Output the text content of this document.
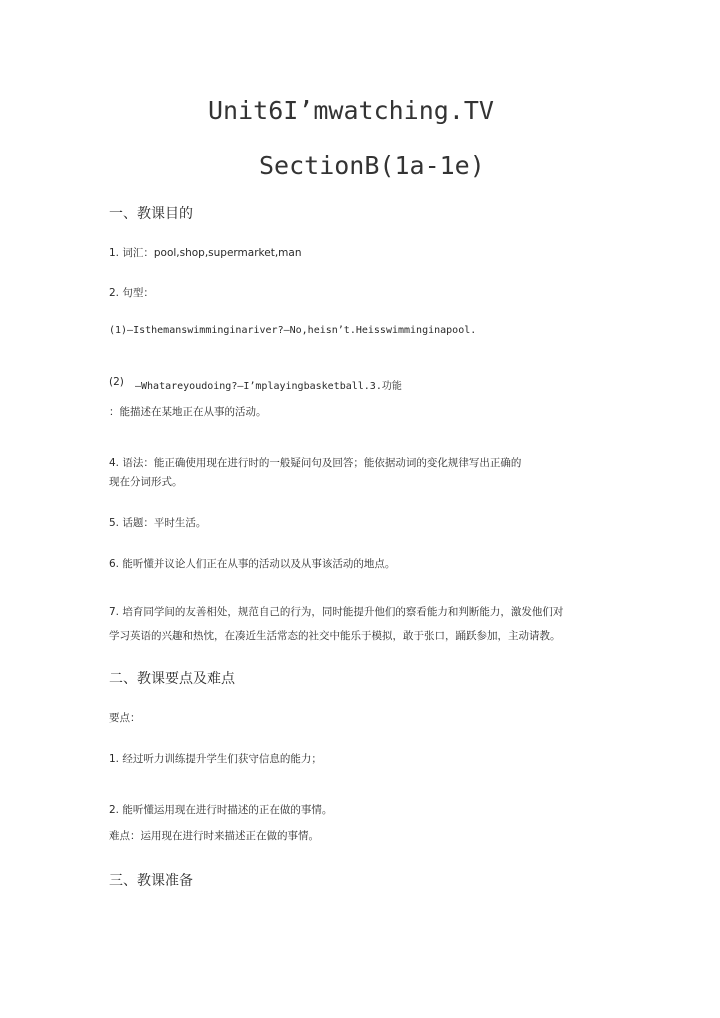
Unit6I’mwatching.TV
SectionB(1a-1e)
一、教课目的
1. 词汇：pool,shop,supermarket,man
2. 句型：
(1)—Isthemanswimminginariver?—No,heisn’t.Heisswimminginapool.
(2) —Whatareyoudoing?—I’mplayingbasketball.3.功能
：能描述在某地正在从事的活动。
4. 语法：能正确使用现在进行时的一般疑问句及回答；能依据动词的变化规律写出正确的
现在分词形式。
5. 话题：平时生活。
6. 能听懂并议论人们正在从事的活动以及从事该活动的地点。
7. 培育同学间的友善相处，规范自己的行为，同时能提升他们的察看能力和判断能力，激发他们对
学习英语的兴趣和热忱，在凑近生活常态的社交中能乐于模拟，敢于张口，踊跃参加，主动请教。
二、教课要点及难点
要点：
1. 经过听力训练提升学生们获守信息的能力；
2. 能听懂运用现在进行时描述的正在做的事情。
难点：运用现在进行时来描述正在做的事情。
三、教课准备
